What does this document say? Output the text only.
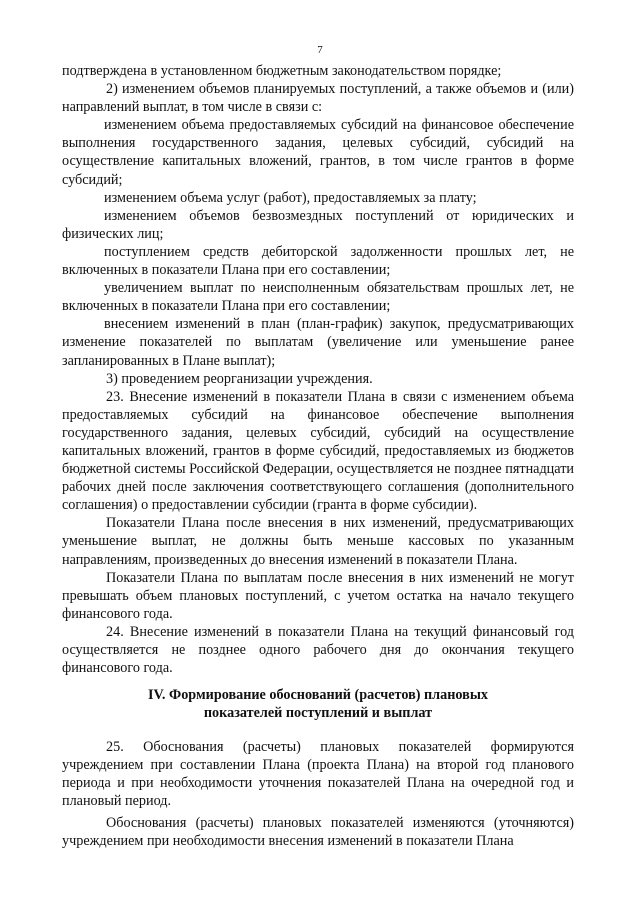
7

подтверждена в установленном бюджетным законодательством порядке;

2) изменением объемов планируемых поступлений, а также объемов и (или) направлений выплат, в том числе в связи с:

изменением объема предоставляемых субсидий на финансовое обеспечение выполнения государственного задания, целевых субсидий, субсидий на осуществление капитальных вложений, грантов, в том числе грантов в форме субсидий;

изменением объема услуг (работ), предоставляемых за плату;

изменением объемов безвозмездных поступлений от юридических и физических лиц;

поступлением средств дебиторской задолженности прошлых лет, не включенных в показатели Плана при его составлении;

увеличением выплат по неисполненным обязательствам прошлых лет, не включенных в показатели Плана при его составлении;

внесением изменений в план (план-график) закупок, предусматривающих изменение показателей по выплатам (увеличение или уменьшение ранее запланированных в Плане выплат);

3) проведением реорганизации учреждения.

23. Внесение изменений в показатели Плана в связи с изменением объема предоставляемых субсидий на финансовое обеспечение выполнения государственного задания, целевых субсидий, субсидий на осуществление капитальных вложений, грантов в форме субсидий, предоставляемых из бюджетов бюджетной системы Российской Федерации, осуществляется не позднее пятнадцати рабочих дней после заключения соответствующего соглашения (дополнительного соглашения) о предоставлении субсидии (гранта в форме субсидии).

Показатели Плана после внесения в них изменений, предусматривающих уменьшение выплат, не должны быть меньше кассовых по указанным направлениям, произведенных до внесения изменений в показатели Плана.

Показатели Плана по выплатам после внесения в них изменений не могут превышать объем плановых поступлений, с учетом остатка на начало текущего финансового года.

24. Внесение изменений в показатели Плана на текущий финансовый год осуществляется не позднее одного рабочего дня до окончания текущего финансового года.

IV. Формирование обоснований (расчетов) плановых
показателей поступлений и выплат

25. Обоснования (расчеты) плановых показателей формируются учреждением при составлении Плана (проекта Плана) на второй год планового периода и при необходимости уточнения показателей Плана на очередной год и плановый период.

Обоснования (расчеты) плановых показателей изменяются (уточняются) учреждением при необходимости внесения изменений в показатели Плана
